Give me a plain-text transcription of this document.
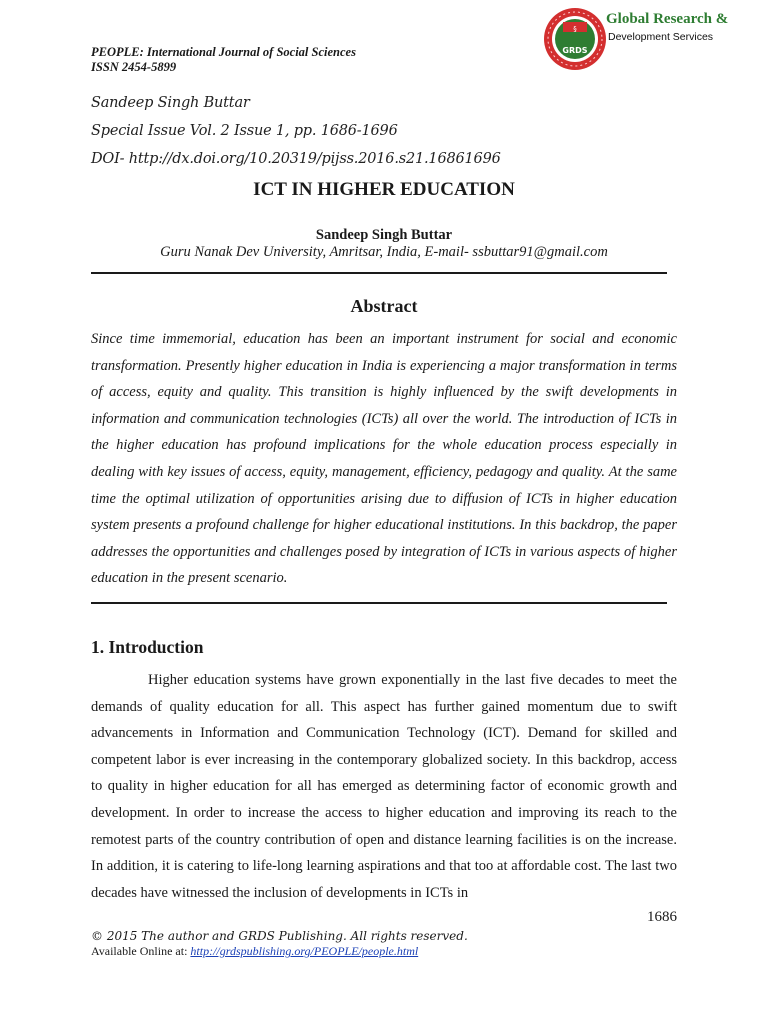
PEOPLE: International Journal of Social Sciences
ISSN 2454-5899
Sandeep Singh Buttar
Special Issue Vol. 2 Issue 1, pp. 1686-1696
DOI- http://dx.doi.org/10.20319/pijss.2016.s21.16861696
§
GRDS
Global Research &
Development Services
ICT IN HIGHER EDUCATION
Sandeep Singh Buttar
Guru Nanak Dev University, Amritsar, India, E-mail- ssbuttar91@gmail.com
Abstract
Since time immemorial, education has been an important instrument for social and economic transformation. Presently higher education in India is experiencing a major transformation in terms of access, equity and quality. This transition is highly influenced by the swift developments in information and communication technologies (ICTs) all over the world. The introduction of ICTs in the higher education has profound implications for the whole education process especially in dealing with key issues of access, equity, management, efficiency, pedagogy and quality. At the same time the optimal utilization of opportunities arising due to diffusion of ICTs in higher education system presents a profound challenge for higher educational institutions. In this backdrop, the paper addresses the opportunities and challenges posed by integration of ICTs in various aspects of higher education in the present scenario.
1. Introduction
Higher education systems have grown exponentially in the last five decades to meet the demands of quality education for all. This aspect has further gained momentum due to swift advancements in Information and Communication Technology (ICT). Demand for skilled and competent labor is ever increasing in the contemporary globalized society. In this backdrop, access to quality in higher education for all has emerged as determining factor of economic growth and development. In order to increase the access to higher education and improving its reach to the remotest parts of the country contribution of open and distance learning facilities is on the increase. In addition, it is catering to life-long learning aspirations and that too at affordable cost. The last two decades have witnessed the inclusion of developments in ICTs in
1686
© 2015 The author and GRDS Publishing. All rights reserved.
Available Online at: http://grdspublishing.org/PEOPLE/people.html
